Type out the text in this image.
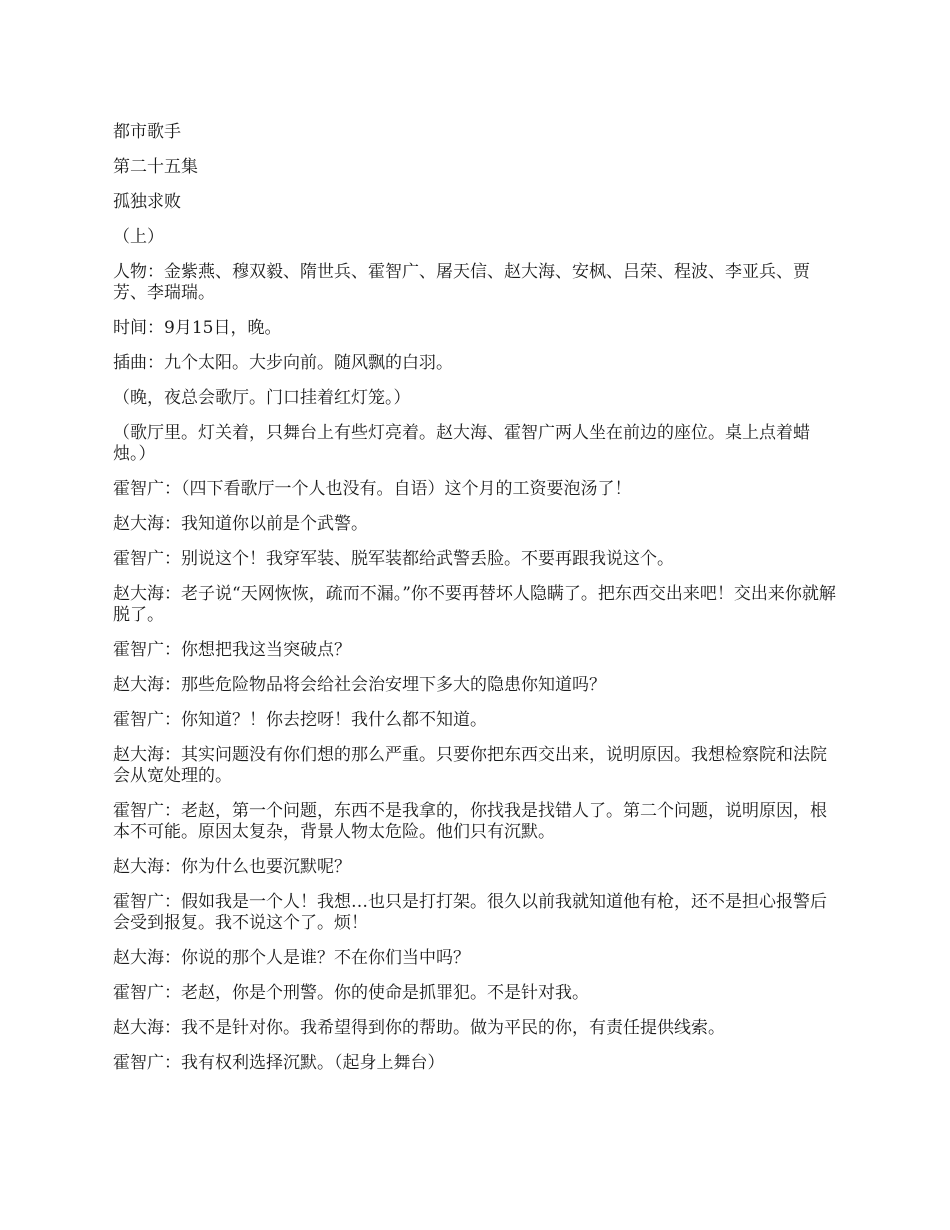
都市歌手

第二十五集

孤独求败

（上）

人物：金紫燕、穆双毅、隋世兵、霍智广、屠天信、赵大海、安枫、吕荣、程波、李亚兵、贾芳、李瑞瑞。

时间：9月15日，晚。

插曲：九个太阳。大步向前。随风飘的白羽。

（晚，夜总会歌厅。门口挂着红灯笼。）

（歌厅里。灯关着，只舞台上有些灯亮着。赵大海、霍智广两人坐在前边的座位。桌上点着蜡烛。）

霍智广：（四下看歌厅一个人也没有。自语）这个月的工资要泡汤了！

赵大海：我知道你以前是个武警。

霍智广：别说这个！我穿军装、脱军装都给武警丢脸。不要再跟我说这个。

赵大海：老子说“天网恢恢，疏而不漏。”你不要再替坏人隐瞒了。把东西交出来吧！交出来你就解脱了。

霍智广：你想把我这当突破点？

赵大海：那些危险物品将会给社会治安埋下多大的隐患你知道吗？

霍智广：你知道？！你去挖呀！我什么都不知道。

赵大海：其实问题没有你们想的那么严重。只要你把东西交出来，说明原因。我想检察院和法院会从宽处理的。

霍智广：老赵，第一个问题，东西不是我拿的，你找我是找错人了。第二个问题，说明原因，根本不可能。原因太复杂，背景人物太危险。他们只有沉默。

赵大海：你为什么也要沉默呢？

霍智广：假如我是一个人！我想…也只是打打架。很久以前我就知道他有枪，还不是担心报警后会受到报复。我不说这个了。烦！

赵大海：你说的那个人是谁？不在你们当中吗？

霍智广：老赵，你是个刑警。你的使命是抓罪犯。不是针对我。

赵大海：我不是针对你。我希望得到你的帮助。做为平民的你，有责任提供线索。

霍智广：我有权利选择沉默。（起身上舞台）
